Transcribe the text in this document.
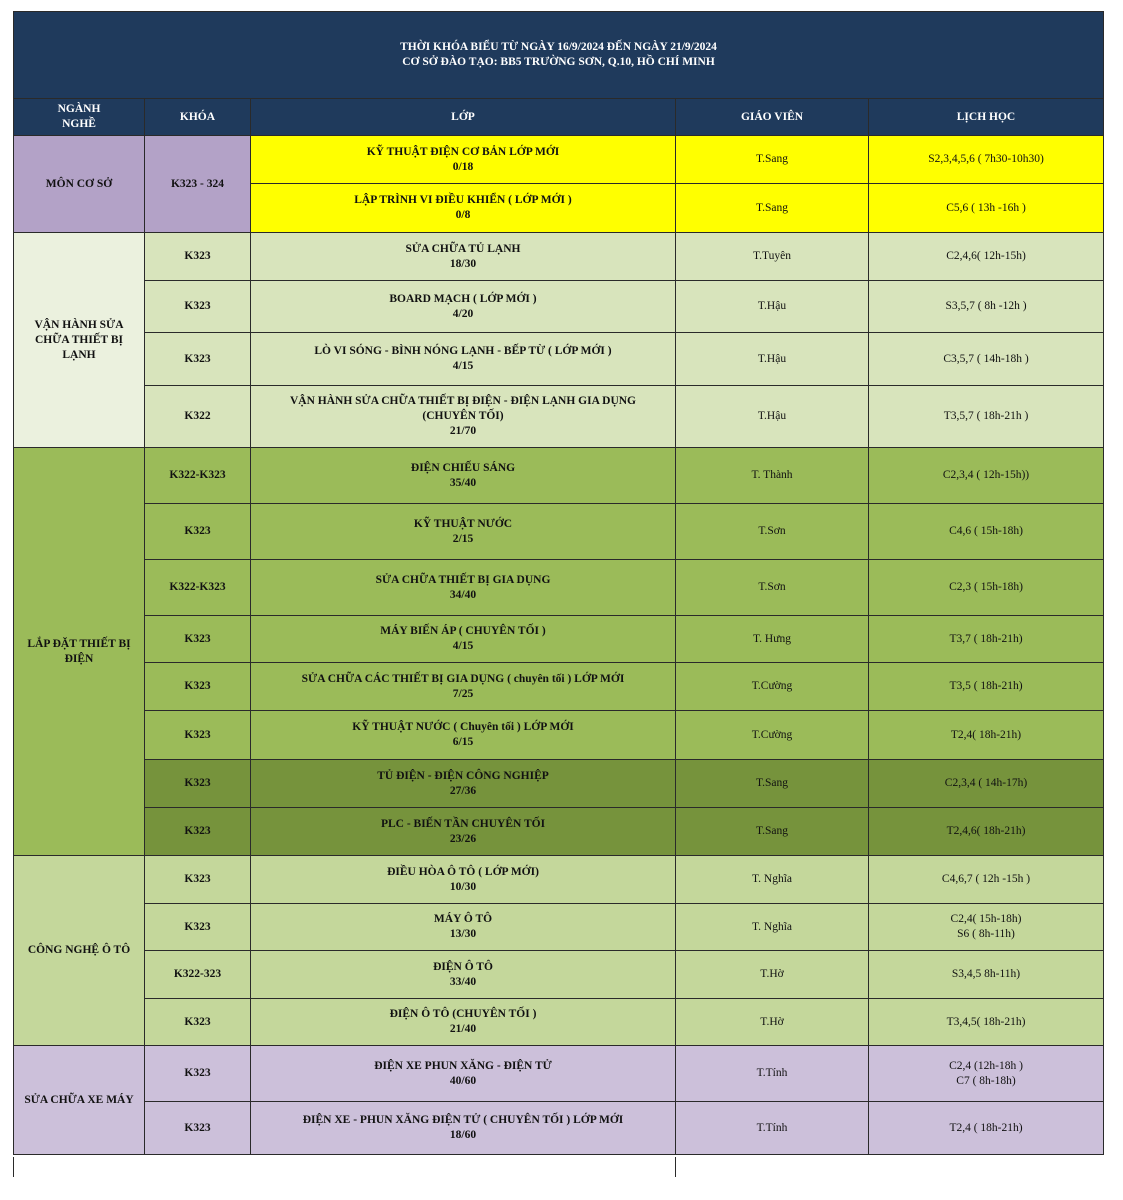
THỜI KHÓA BIỂU TỪ NGÀY 16/9/2024 ĐẾN NGÀY 21/9/2024
CƠ SỞ ĐÀO TẠO: BB5 TRƯỜNG SƠN, Q.10, HỒ CHÍ MINH				

NGÀNH
NGHỀ	KHÓA	LỚP	GIÁO VIÊN	LỊCH HỌC
MÔN CƠ SỞ	K323 - 324	KỸ THUẬT ĐIỆN CƠ BẢN LỚP MỚI
0/18	T.Sang	S2,3,4,5,6 ( 7h30-10h30)

		LẬP TRÌNH VI ĐIỀU KHIỂN ( LỚP MỚI )
0/8	T.Sang	C5,6 ( 13h -16h )
VẬN HÀNH SỬA CHỮA THIẾT BỊ LẠNH	K323	SỬA CHỮA TỦ LẠNH
18/30	T.Tuyên	C2,4,6( 12h-15h)
	K323	BOARD MẠCH ( LỚP MỚI )
4/20	T.Hậu	S3,5,7 ( 8h -12h )
	K323	LÒ VI SÓNG - BÌNH NÓNG LẠNH - BẾP TỪ ( LỚP MỚI )
4/15	T.Hậu	C3,5,7 ( 14h-18h )
	K322	VẬN HÀNH SỬA CHỮA THIẾT BỊ ĐIỆN - ĐIỆN LẠNH GIA DỤNG
(CHUYÊN TỐI)
21/70	T.Hậu	T3,5,7 ( 18h-21h )
LẮP ĐẶT THIẾT BỊ ĐIỆN	K322-K323	ĐIỆN CHIẾU SÁNG
35/40	T. Thành	C2,3,4 ( 12h-15h))
	K323	KỸ THUẬT NƯỚC
2/15	T.Sơn	C4,6 ( 15h-18h)
	K322-K323	SỬA CHỮA THIẾT BỊ GIA DỤNG
34/40	T.Sơn	C2,3 ( 15h-18h)
	K323	MÁY BIẾN ÁP ( CHUYÊN TỐI )
4/15	T. Hưng	T3,7 ( 18h-21h)
	K323	SỬA CHỮA CÁC THIẾT BỊ GIA DỤNG ( chuyên tối ) LỚP MỚI
7/25	T.Cường	T3,5 ( 18h-21h)
	K323	KỸ THUẬT NƯỚC ( Chuyên tối ) LỚP MỚI
6/15	T.Cường	T2,4( 18h-21h)
	K323	TỦ ĐIỆN - ĐIỆN CÔNG NGHIỆP
27/36	T.Sang	C2,3,4 ( 14h-17h)
	K323	PLC - BIẾN TẦN CHUYÊN TỐI
23/26	T.Sang	T2,4,6( 18h-21h)
CÔNG NGHỆ Ô TÔ	K323	ĐIỀU HÒA Ô TÔ ( LỚP MỚI)
10/30	T. Nghĩa	C4,6,7 ( 12h -15h )
	K323	MÁY Ô TÔ
13/30	T. Nghĩa	C2,4( 15h-18h)
S6 ( 8h-11h)

	K322-323	ĐIỆN Ô TÔ
33/40	T.Hờ	S3,4,5 8h-11h)
	K323	ĐIỆN Ô TÔ (CHUYÊN TỐI )
21/40	T.Hờ	T3,4,5( 18h-21h)
SỬA CHỮA XE MÁY	K323	ĐIỆN XE PHUN XĂNG - ĐIỆN TỬ
40/60	T.Tính	C2,4 (12h-18h )
C7 ( 8h-18h)

	K323	ĐIỆN XE - PHUN XĂNG ĐIỆN TỬ ( CHUYÊN TỐI ) LỚP MỚI
18/60	T.Tính	T2,4 ( 18h-21h)
